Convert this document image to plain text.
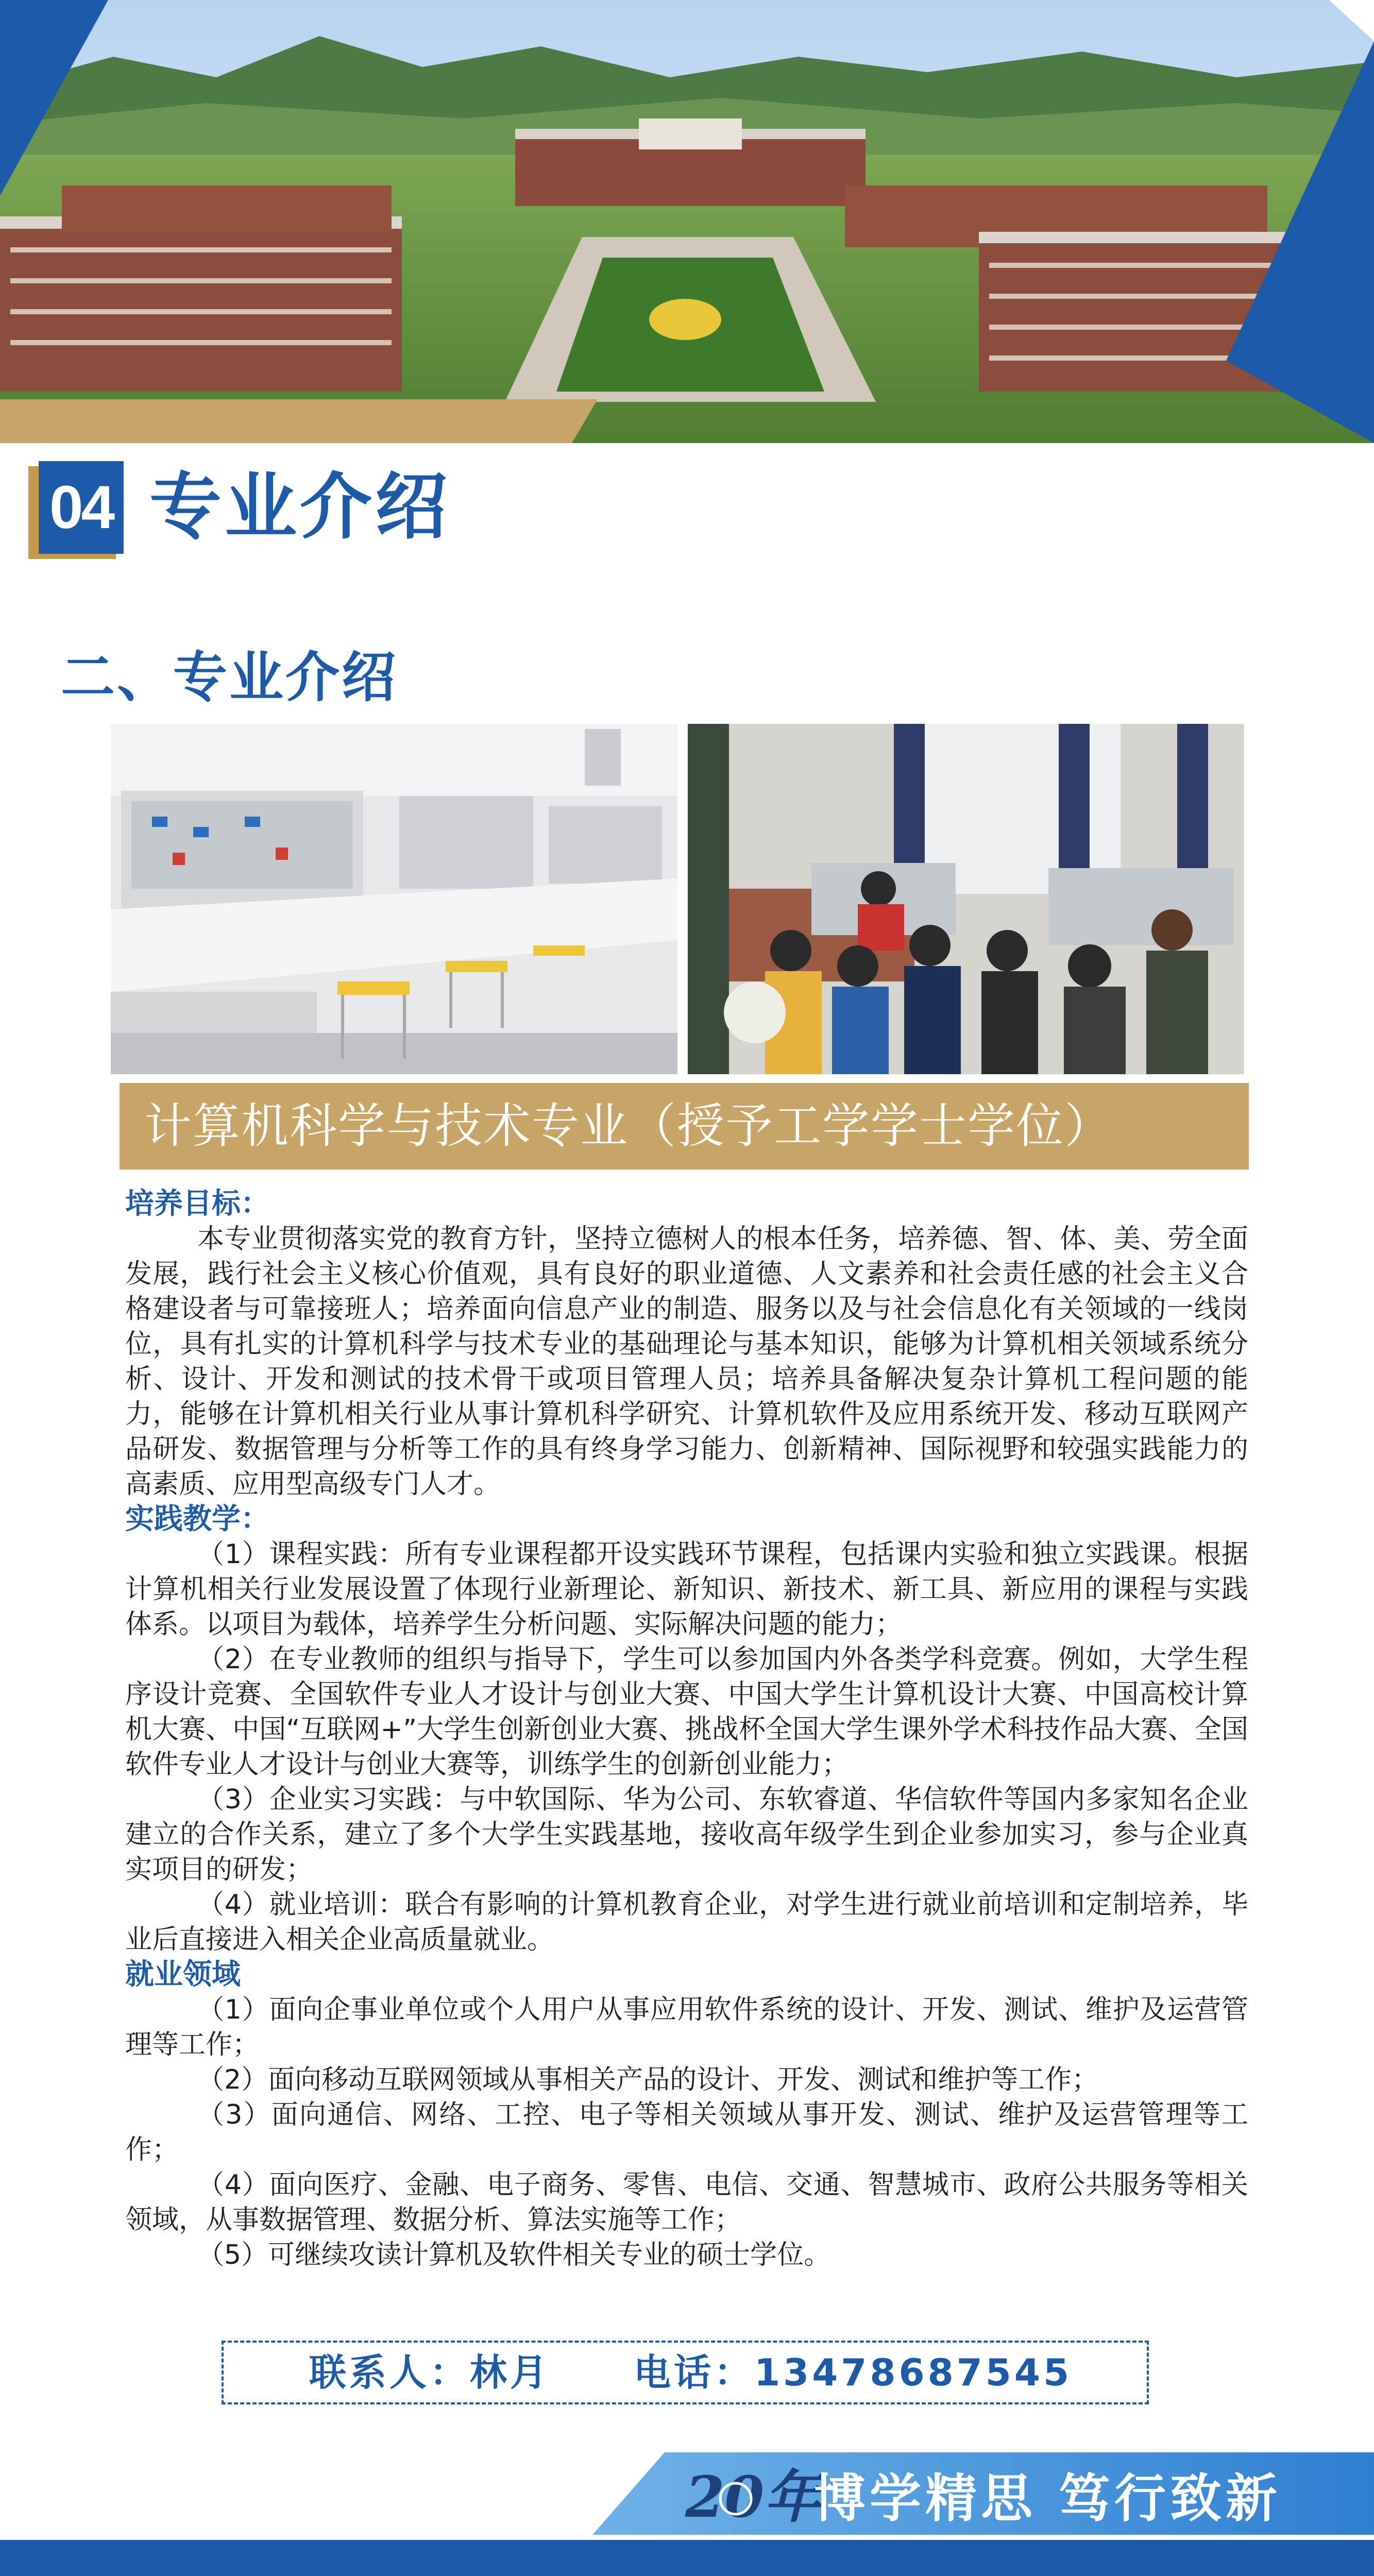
04 专业介绍
二、专业介绍
计算机科学与技术专业（授予工学学士学位）
培养目标：

本专业贯彻落实党的教育方针，坚持立德树人的根本任务，培养德、智、体、美、劳全面发展，践行社会主义核心价值观，具有良好的职业道德、人文素养和社会责任感的社会主义合格建设者与可靠接班人；培养面向信息产业的制造、服务以及与社会信息化有关领域的一线岗位，具有扎实的计算机科学与技术专业的基础理论与基本知识，能够为计算机相关领域系统分析、设计、开发和测试的技术骨干或项目管理人员；培养具备解决复杂计算机工程问题的能力，能够在计算机相关行业从事计算机科学研究、计算机软件及应用系统开发、移动互联网产品研发、数据管理与分析等工作的具有终身学习能力、创新精神、国际视野和较强实践能力的高素质、应用型高级专门人才。

实践教学：

（1）课程实践：所有专业课程都开设实践环节课程，包括课内实验和独立实践课。根据计算机相关行业发展设置了体现行业新理论、新知识、新技术、新工具、新应用的课程与实践体系。以项目为载体，培养学生分析问题、实际解决问题的能力；

（2）在专业教师的组织与指导下，学生可以参加国内外各类学科竞赛。例如，大学生程序设计竞赛、全国软件专业人才设计与创业大赛、中国大学生计算机设计大赛、中国高校计算机大赛、中国“互联网+”大学生创新创业大赛、挑战杯全国大学生课外学术科技作品大赛、全国软件专业人才设计与创业大赛等，训练学生的创新创业能力；

（3）企业实习实践：与中软国际、华为公司、东软睿道、华信软件等国内多家知名企业建立的合作关系，建立了多个大学生实践基地，接收高年级学生到企业参加实习，参与企业真实项目的研发；

（4）就业培训：联合有影响的计算机教育企业，对学生进行就业前培训和定制培养，毕业后直接进入相关企业高质量就业。

就业领域

（1）面向企事业单位或个人用户从事应用软件系统的设计、开发、测试、维护及运营管理等工作；

（2）面向移动互联网领域从事相关产品的设计、开发、测试和维护等工作；

（3）面向通信、网络、工控、电子等相关领域从事开发、测试、维护及运营管理等工作；

（4）面向医疗、金融、电子商务、零售、电信、交通、智慧城市、政府公共服务等相关领域，从事数据管理、数据分析、算法实施等工作；

（5）可继续攻读计算机及软件相关专业的硕士学位。

联系人：林月 电话：13478687545
20年
博学精思 笃行致新
